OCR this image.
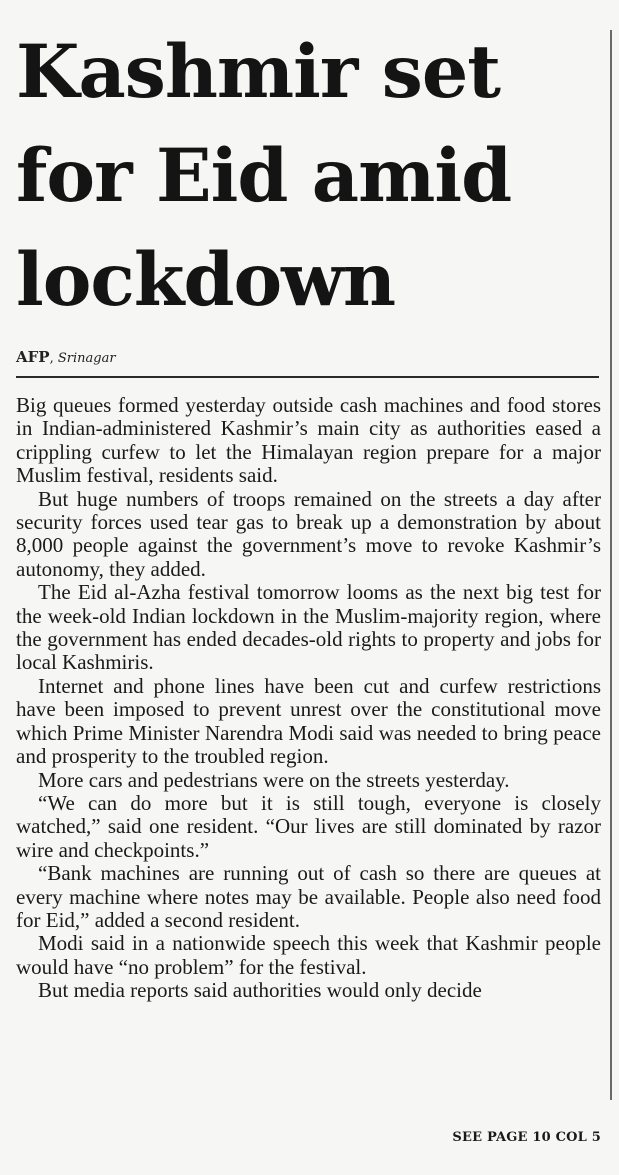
Kashmir set
for Eid amid
lockdown
AFP, Srinagar

Big queues formed yesterday outside cash machines and food stores in Indian-administered Kashmir’s main city as authorities eased a crippling curfew to let the Himalayan region prepare for a major Muslim festival, residents said.

But huge numbers of troops remained on the streets a day after security forces used tear gas to break up a demonstration by about 8,000 people against the government’s move to revoke Kashmir’s autonomy, they added.

The Eid al-Azha festival tomorrow looms as the next big test for the week-old Indian lockdown in the Muslim-majority region, where the government has ended decades-old rights to property and jobs for local Kashmiris.

Internet and phone lines have been cut and curfew restrictions have been imposed to prevent unrest over the constitutional move which Prime Minister Narendra Modi said was needed to bring peace and prosperity to the troubled region.

More cars and pedestrians were on the streets yesterday.

“We can do more but it is still tough, everyone is closely watched,” said one resident. “Our lives are still dominated by razor wire and checkpoints.”

“Bank machines are running out of cash so there are queues at every machine where notes may be available. People also need food for Eid,” added a second resident.

Modi said in a nationwide speech this week that Kashmir people would have “no problem” for the festival.

But media reports said authorities would only decide

SEE PAGE 10 COL 5
